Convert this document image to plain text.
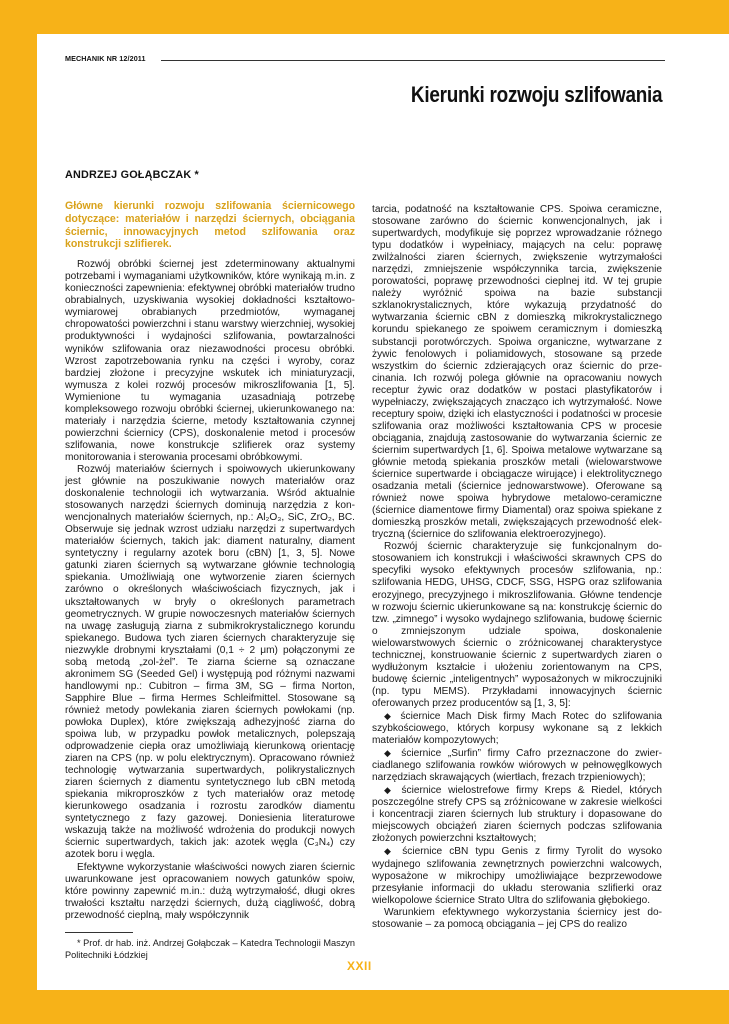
MECHANIK NR 12/2011
Kierunki rozwoju szlifowania
ANDRZEJ GOŁĄBCZAK *
Główne kierunki rozwoju szlifowania ściernicowego dotyczące: materiałów i narzędzi ściernych, obciągania ściernic, innowacyjnych metod szlifowania oraz konstrukcji szlifierek.

Rozwój obróbki ściernej jest zdeterminowany aktualnymi potrzebami i wymaganiami użytkowników, które wynikają m.in. z konieczności zapewnienia: efektywnej obróbki materiałów trudno obrabialnych, uzyskiwania wysokiej dokładności kształtowo-wymiarowej obrabianych przedmiotów, wymaganej chropowatości powierzchni i stanu warstwy wierzchniej, wysokiej produktywności i wydajności szlifowania, powtarzalności wyników szlifowania oraz niezawodności procesu obróbki. Wzrost zapotrzebowania rynku na części i wyroby, coraz bardziej złożone i precyzyjne wskutek ich miniaturyzacji, wymusza z kolei rozwój procesów mikroszlifowania [1, 5]. Wymienione tu wymagania uzasadniają potrzebę kompleksowego rozwoju obróbki ściernej, ukierunkowanego na: materiały i narzędzia ścierne, metody kształtowania czynnej powierzchni ściernicy (CPS), doskonalenie metod i procesów szlifowania, nowe konstrukcje szlifierek oraz systemy monitorowania i sterowania procesami obróbkowymi.

Rozwój materiałów ściernych i spoiwowych ukierunkowany jest głównie na poszukiwanie nowych materiałów oraz doskonalenie technologii ich wytwarzania. Wśród aktualnie stosowanych narzędzi ściernych dominują narzędzia z konwencjonalnych materiałów ściernych, np.: Al₂O₃, SiC, ZrO₂, BC. Obserwuje się jednak wzrost udziału narzędzi z supertwardych materiałów ściernych, takich jak: diament naturalny, diament syntetyczny i regularny azotek boru (cBN) [1, 3, 5]. Nowe gatunki ziaren ściernych są wytwarzane głównie technologią spiekania. Umożliwiają one wytworzenie ziaren ściernych zarówno o określonych właściwościach fizycznych, jak i ukształtowanych w bryły o określonych parametrach geometrycznych. W grupie nowoczesnych materiałów ściernych na uwagę zasługują ziarna z submikrokrystalicznego korundu spiekanego. Budowa tych ziaren ściernych charakteryzuje się niezwykle drobnymi kryształami (0,1 ÷ 2 μm) połączonymi ze sobą metodą „zol-żel”. Te ziarna ścierne są oznaczane akronimem SG (Seeded Gel) i występują pod różnymi nazwami handlowymi np.: Cubitron – firma 3M, SG – firma Norton, Sapphire Blue – firma Hermes Schleifmittel. Stosowane są również metody powlekania ziaren ściernych powłokami (np. powłoka Duplex), które zwiększają adhezyjność ziarna do spoiwa lub, w przypadku powłok metalicznych, polepszają odprowadzenie ciepła oraz umożliwiają kierunkową orientację ziaren na CPS (np. w polu elektrycznym). Opracowano również technologię wytwarzania supertwardych, polikrystalicznych ziaren ściernych z diamentu syntetycznego lub cBN metodą spiekania mikroproszków z tych materiałów oraz metodę kierunkowego osadzania i rozrostu zarodków diamentu syntetycznego z fazy gazowej. Doniesienia literaturowe wskazują także na możliwość wdrożenia do produkcji nowych ściernic supertwardych, takich jak: azotek węgla (C₃N₄) czy azotek boru i węgla.

Efektywne wykorzystanie właściwości nowych ziaren ściernic uwarunkowane jest opracowaniem nowych gatunków spoiw, które powinny zapewnić m.in.: dużą wytrzymałość, długi okres trwałości kształtu narzędzi ściernych, dużą ciągliwość, dobrą przewodność cieplną, mały współczynnik

tarcia, podatność na kształtowanie CPS. Spoiwa ceramiczne, stosowane zarówno do ściernic konwencjonalnych, jak i supertwardych, modyfikuje się poprzez wprowadzanie różnego typu dodatków i wypełniacy, mających na celu: poprawę zwilżalności ziaren ściernych, zwiększenie wytrzymałości narzędzi, zmniejszenie współczynnika tarcia, zwiększenie porowatości, poprawę przewodności cieplnej itd. W tej grupie należy wyróżnić spoiwa na bazie substancji szklanokrystalicznych, które wykazują przydatność do wytwarzania ściernic cBN z domieszką mikrokrystalicznego korundu spiekanego ze spoiwem ceramicznym i domieszką substancji porotwórczych. Spoiwa organiczne, wytwarzane z żywic fenolowych i poliamidowych, stosowane są przede wszystkim do ściernic zdzierających oraz ściernic do przecinania. Ich rozwój polega głównie na opracowaniu nowych receptur żywic oraz dodatków w postaci plastyfikatorów i wypełniaczy, zwiększających znacząco ich wytrzymałość. Nowe receptury spoiw, dzięki ich elastyczności i podatności w procesie szlifowania oraz możliwości kształtowania CPS w procesie obciągania, znajdują zastosowanie do wytwarzania ściernic ze ściernim supertwardych [1, 6]. Spoiwa metalowe wytwarzane są głównie metodą spiekania proszków metali (wielowarstwowe ściernice supertwarde i obciągacze wirujące) i elektrolitycznego osadzania metali (ściernice jednowarstwowe). Oferowane są również nowe spoiwa hybrydowe metalowo-ceramiczne (ściernice diamentowe firmy Diamental) oraz spoiwa spiekane z domieszką proszków metali, zwiększających przewodność elektryczną (ściernice do szlifowania elektroerozyjnego).

Rozwój ściernic charakteryzuje się funkcjonalnym dostosowaniem ich konstrukcji i właściwości skrawnych CPS do specyfiki wysoko efektywnych procesów szlifowania, np.: szlifowania HEDG, UHSG, CDCF, SSG, HSPG oraz szlifowania erozyjnego, precyzyjnego i mikroszlifowania. Główne tendencje w rozwoju ściernic ukierunkowane są na: konstrukcję ściernic do tzw. „zimnego” i wysoko wydajnego szlifowania, budowę ściernic o zmniejszonym udziale spoiwa, doskonalenie wielowarstwowych ściernic o zróżnicowanej charakterystyce technicznej, konstruowanie ściernic z supertwardych ziaren o wydłużonym kształcie i ułożeniu zorientowanym na CPS, budowę ściernic „inteligentnych” wyposażonych w mikroczujniki (np. typu MEMS). Przykładami innowacyjnych ściernic oferowanych przez producentów są [1, 3, 5]:

◆ ściernice Mach Disk firmy Mach Rotec do szlifowania szybkościowego, których korpusy wykonane są z lekkich materiałów kompozytowych;

◆ ściernice „Surfin” firmy Cafro przeznaczone do zwierciadlanego szlifowania rowków wiórowych w pełnowęglkowych narzędziach skrawających (wiertłach, frezach trzpieniowych);

◆ ściernice wielostrefowe firmy Kreps & Riedel, których poszczególne strefy CPS są zróżnicowane w zakresie wielkości i koncentracji ziaren ściernych lub struktury i dopasowane do miejscowych obciążeń ziaren ściernych podczas szlifowania złożonych powierzchni kształtowych;

◆ ściernice cBN typu Genis z firmy Tyrolit do wysoko wydajnego szlifowania zewnętrznych powierzchni walcowych, wyposażone w mikrochipy umożliwiające bezprzewodowe przesyłanie informacji do układu sterowania szlifierki oraz wielkopolowe ściernice Strato Ultra do szlifowania głębokiego.

Warunkiem efektywnego wykorzystania ściernicy jest dostosowanie – za pomocą obciągania – jej CPS do realizo

* Prof. dr hab. inż. Andrzej Gołąbczak – Katedra Technologii Maszyn Politechniki Łódzkiej

XXII
